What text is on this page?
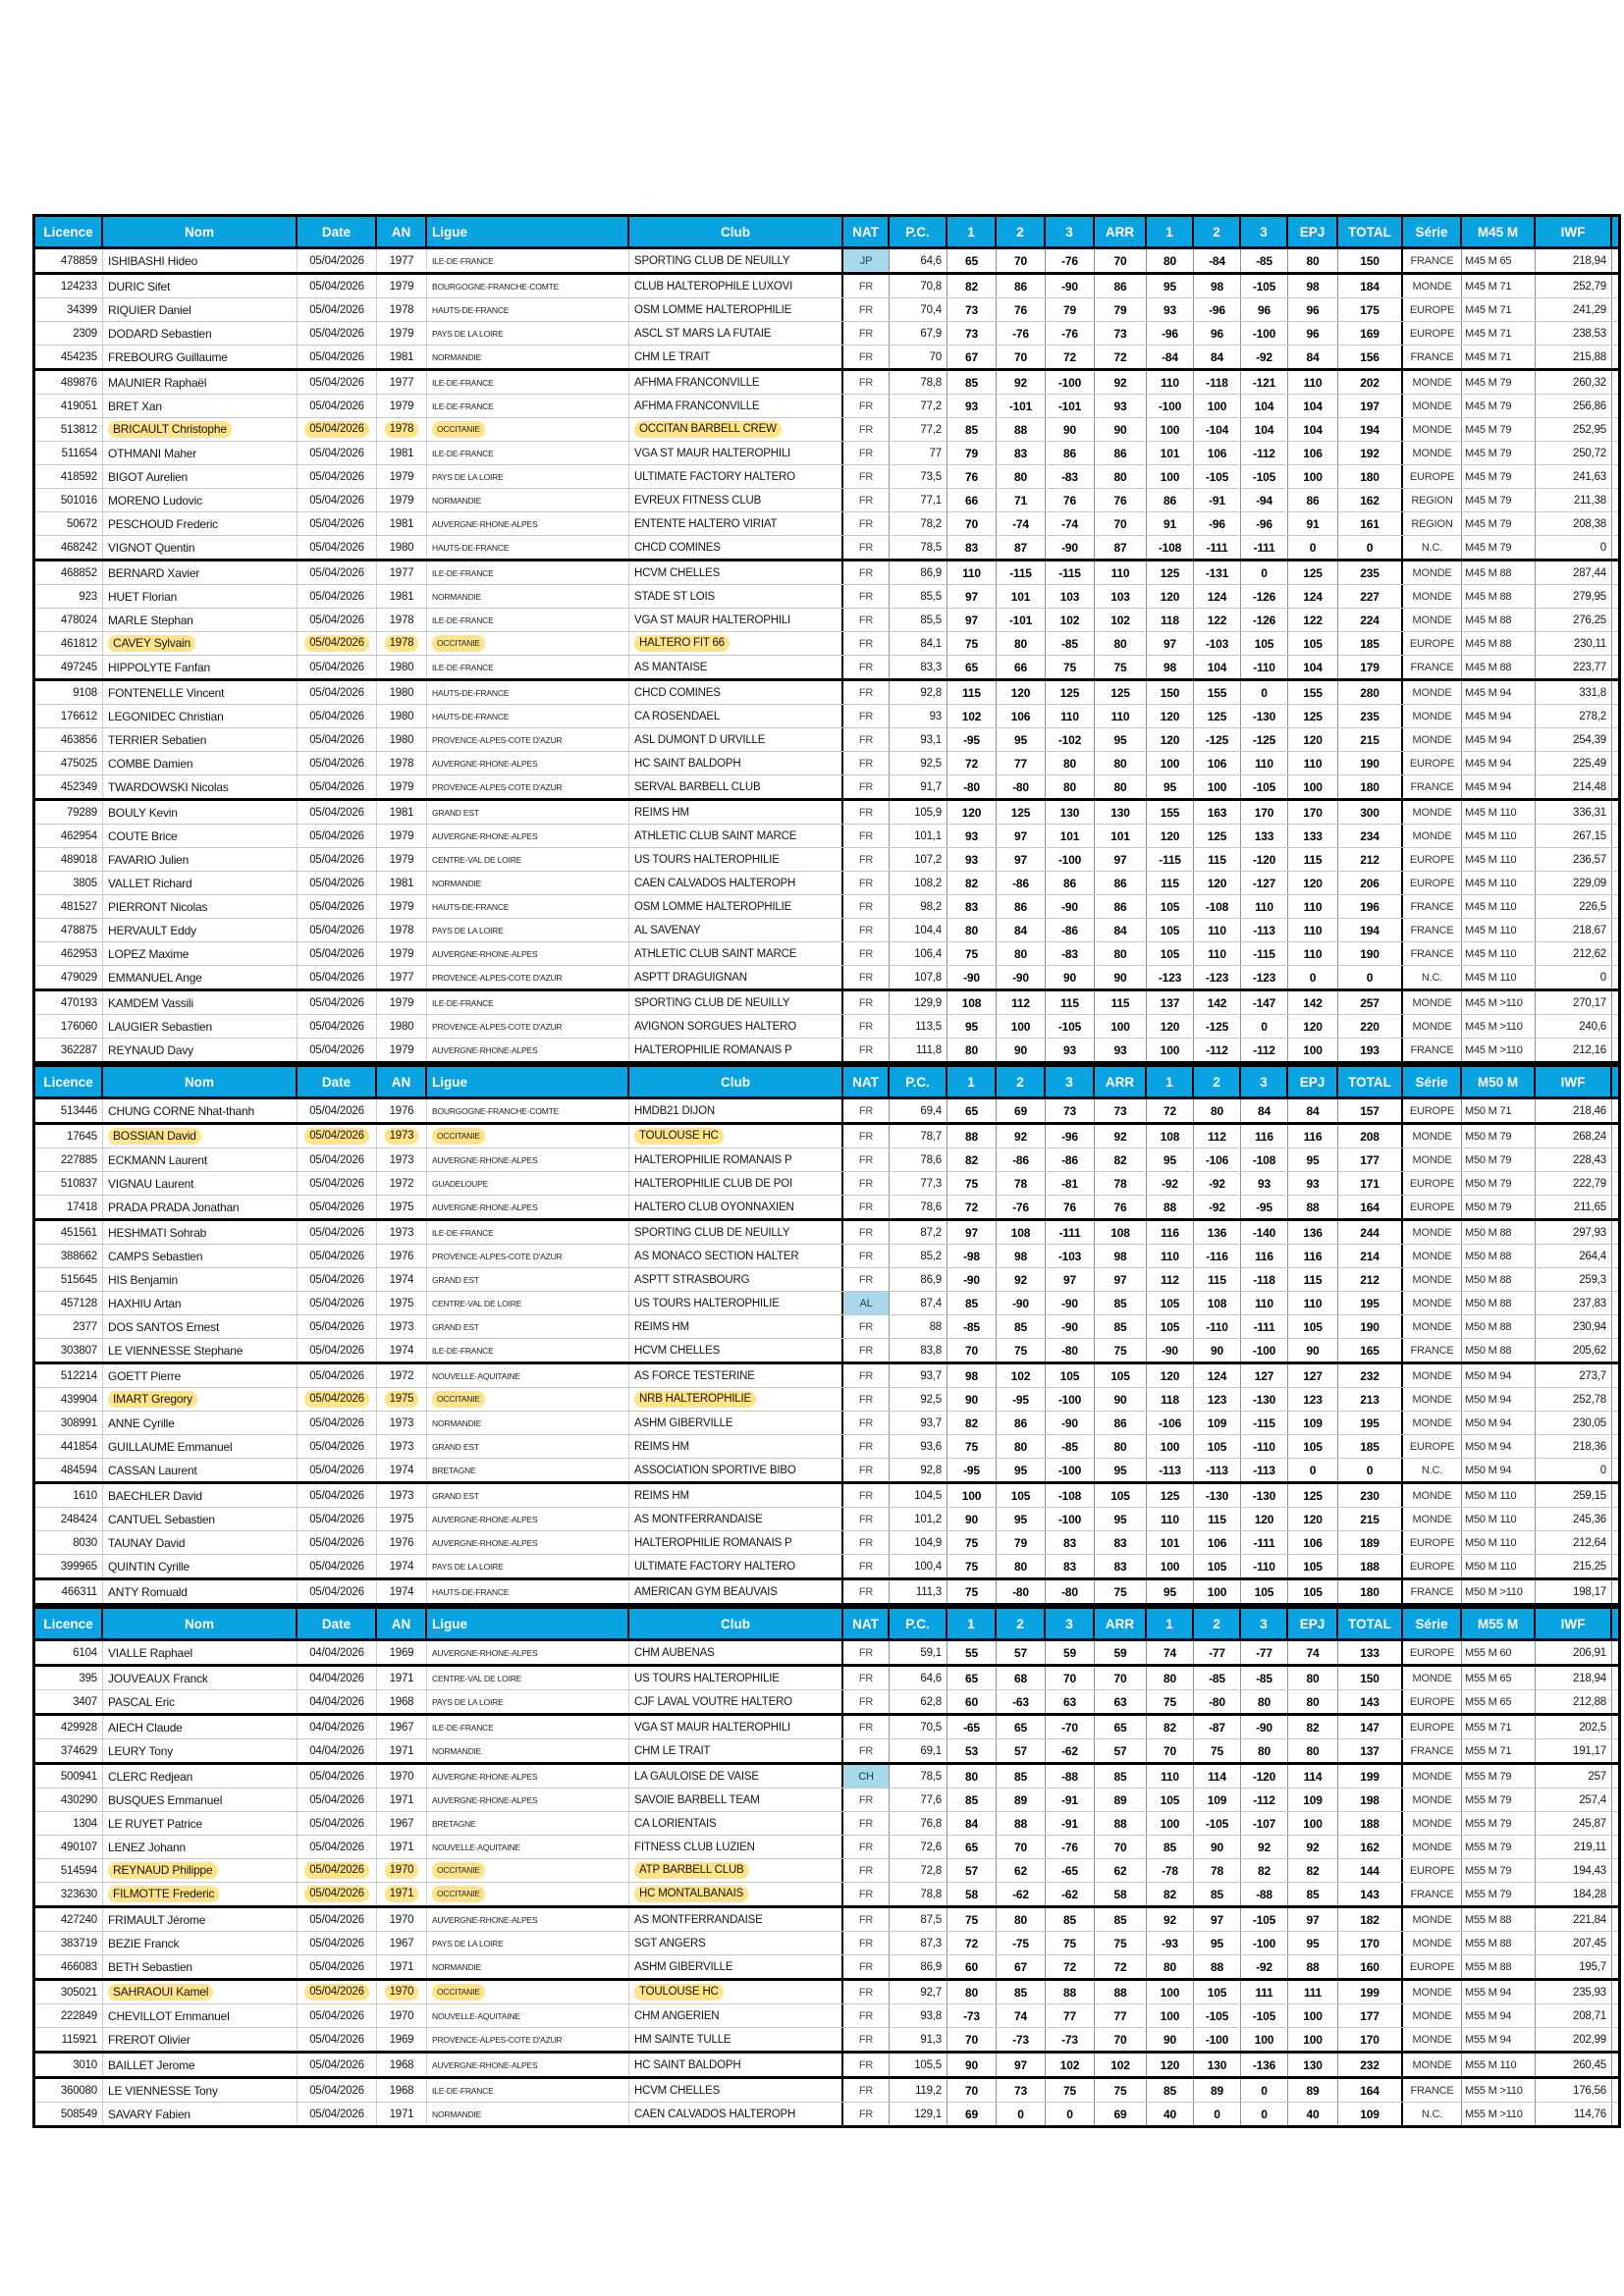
Licence	Nom	Date	AN	Ligue	Club	NAT	P.C.	1	2	3	ARR	1	2	3	EPJ	TOTAL	Série	M45 M	IWF
478859 ISHIBASHI Hideo	05/04/2026	1977	ILE-DE-FRANCE	SPORTING CLUB DE NEUILLY	JP	64,6	65	70	-76	70	80	-84	-85	80	150	FRANCE	M45 M 65	218,94
124233 DURIC Sifet	05/04/2026	1979	BOURGOGNE-FRANCHE-COMTE	CLUB HALTEROPHILE LUXOVI	FR	70,8	82	86	-90	86	95	98	-105	98	184	MONDE	M45 M 71	252,79
34399 RIQUIER Daniel	05/04/2026	1978	HAUTS-DE-FRANCE	OSM LOMME HALTEROPHILIE	FR	70,4	73	76	79	79	93	-96	96	96	175	EUROPE M45 M 71	241,29
2309 DODARD Sebastien	05/04/2026	1979	PAYS DE LA LOIRE	ASCL ST MARS LA FUTAIE	FR	67,9	73	-76	-76	73	-96	96	-100	96	169	EUROPE M45 M 71	238,53
454235 FREBOURG Guillaume	05/04/2026	1981	NORMANDIE	CHM LE TRAIT	FR	70	67	70	72	72	-84	84	-92	84	156	FRANCE	M45 M 71	215,88
489876 MAUNIER Raphaël	05/04/2026	1977	ILE-DE-FRANCE	AFHMA FRANCONVILLE	FR	78,8	85	92	-100	92	110	-118	-121	110	202	MONDE	M45 M 79	260,32
419051 BRET Xan	05/04/2026	1979	ILE-DE-FRANCE	AFHMA FRANCONVILLE	FR	77,2	93	-101	-101	93	-100	100	104	104	197	MONDE	M45 M 79	256,86
513812	BRICAULT Christophe	05/04/2026	1978	OCCITANIE	OCCITAN BARBELL CREW	FR	77,2	85	88	90	90	100	-104	104	104	194	MONDE	M45 M 79	252,95
511654 OTHMANI Maher	05/04/2026	1981	ILE-DE-FRANCE	VGA ST MAUR HALTEROPHILI	FR	77	79	83	86	86	101	106	-112	106	192	MONDE	M45 M 79	250,72
418592 BIGOT Aurelien	05/04/2026	1979	PAYS DE LA LOIRE	ULTIMATE FACTORY HALTERO	FR	73,5	76	80	-83	80	100	-105	-105	100	180	EUROPE M45 M 79	241,63
501016 MORENO Ludovic	05/04/2026	1979	NORMANDIE	EVREUX FITNESS CLUB	FR	77,1	66	71	76	76	86	-91	-94	86	162	REGION	M45 M 79	211,38
50672 PESCHOUD Frederic	05/04/2026	1981	AUVERGNE-RHONE-ALPES	ENTENTE HALTERO VIRIAT	FR	78,2	70	-74	-74	70	91	-96	-96	91	161	REGION	M45 M 79	208,38
468242 VIGNOT Quentin	05/04/2026	1980	HAUTS-DE-FRANCE	CHCD COMINES	FR	78,5	83	87	-90	87	-108	-111	-111	0	0	N.C.	M45 M 79	0
468852 BERNARD Xavier	05/04/2026	1977	ILE-DE-FRANCE	HCVM CHELLES	FR	86,9	110	-115	-115	110	125	-131	0	125	235	MONDE	M45 M 88	287,44
923 HUET Florian	05/04/2026	1981	NORMANDIE	STADE ST LOIS	FR	85,5	97	101	103	103	120	124	-126	124	227	MONDE	M45 M 88	279,95
478024 MARLE Stephan	05/04/2026	1978	ILE-DE-FRANCE	VGA ST MAUR HALTEROPHILI	FR	85,5	97	-101	102	102	118	122	-126	122	224	MONDE	M45 M 88	276,25
461812	CAVEY Sylvain	05/04/2026	1978	OCCITANIE	HALTERO FIT 66	FR	84,1	75	80	-85	80	97	-103	105	105	185	EUROPE M45 M 88	230,11
497245 HIPPOLYTE Fanfan	05/04/2026	1980	ILE-DE-FRANCE	AS MANTAISE	FR	83,3	65	66	75	75	98	104	-110	104	179	FRANCE	M45 M 88	223,77
9108 FONTENELLE Vincent	05/04/2026	1980	HAUTS-DE-FRANCE	CHCD COMINES	FR	92,8	115	120	125	125	150	155	0	155	280	MONDE	M45 M 94	331,8
176612 LEGONIDEC Christian	05/04/2026	1980	HAUTS-DE-FRANCE	CA ROSENDAEL	FR	93	102	106	110	110	120	125	-130	125	235	MONDE	M45 M 94	278,2
463856 TERRIER Sebatien	05/04/2026	1980	PROVENCE-ALPES-COTE D'AZUR	ASL DUMONT D URVILLE	FR	93,1	-95	95	-102	95	120	-125	-125	120	215	MONDE	M45 M 94	254,39
475025 COMBE Damien	05/04/2026	1978	AUVERGNE-RHONE-ALPES	HC SAINT BALDOPH	FR	92,5	72	77	80	80	100	106	110	110	190	EUROPE M45 M 94	225,49
452349 TWARDOWSKI Nicolas	05/04/2026	1979	PROVENCE-ALPES-COTE D'AZUR	SERVAL BARBELL CLUB	FR	91,7	-80	-80	80	80	95	100	-105	100	180	FRANCE	M45 M 94	214,48
79289 BOULY Kevin	05/04/2026	1981	GRAND EST	REIMS HM	FR	105,9	120	125	130	130	155	163	170	170	300	MONDE	M45 M 110	336,31
462954 COUTE Brice	05/04/2026	1979	AUVERGNE-RHONE-ALPES	ATHLETIC CLUB SAINT MARCE	FR	101,1	93	97	101	101	120	125	133	133	234	MONDE	M45 M 110	267,15
489018 FAVARIO Julien	05/04/2026	1979	CENTRE-VAL DE LOIRE	US TOURS HALTEROPHILIE	FR	107,2	93	97	-100	97	-115	115	-120	115	212	EUROPE M45 M 110	236,57
3805 VALLET Richard	05/04/2026	1981	NORMANDIE	CAEN CALVADOS HALTEROPH	FR	108,2	82	-86	86	86	115	120	-127	120	206	EUROPE M45 M 110	229,09
481527 PIERRONT Nicolas	05/04/2026	1979	HAUTS-DE-FRANCE	OSM LOMME HALTEROPHILIE	FR	98,2	83	86	-90	86	105	-108	110	110	196	FRANCE	M45 M 110	226,5
478875 HERVAULT Eddy	05/04/2026	1978	PAYS DE LA LOIRE	AL SAVENAY	FR	104,4	80	84	-86	84	105	110	-113	110	194	FRANCE	M45 M 110	218,67
462953 LOPEZ Maxime	05/04/2026	1979	AUVERGNE-RHONE-ALPES	ATHLETIC CLUB SAINT MARCE	FR	106,4	75	80	-83	80	105	110	-115	110	190	FRANCE	M45 M 110	212,62
479029 EMMANUEL Ange	05/04/2026	1977	PROVENCE-ALPES-COTE D'AZUR	ASPTT DRAGUIGNAN	FR	107,8	-90	-90	90	90	-123	-123	-123	0	0	N.C.	M45 M 110	0
470193 KAMDEM Vassili	05/04/2026	1979	ILE-DE-FRANCE	SPORTING CLUB DE NEUILLY	FR	129,9	108	112	115	115	137	142	-147	142	257	MONDE	M45 M >110	270,17
176060 LAUGIER Sebastien	05/04/2026	1980	PROVENCE-ALPES-COTE D'AZUR	AVIGNON SORGUES HALTERO	FR	113,5	95	100	-105	100	120	-125	0	120	220	MONDE	M45 M >110	240,6
362287 REYNAUD Davy	05/04/2026	1979	AUVERGNE-RHONE-ALPES	HALTEROPHILIE ROMANAIS P	FR	111,8	80	90	93	93	100	-112	-112	100	193	FRANCE	M45 M >110	212,16
Licence	Nom	Date	AN	Ligue	Club	NAT	P.C.	1	2	3	ARR	1	2	3	EPJ	TOTAL	Série	M50 M	IWF
513446 CHUNG CORNE Nhat-thanh	05/04/2026	1976	BOURGOGNE-FRANCHE-COMTE	HMDB21 DIJON	FR	69,4	65	69	73	73	72	80	84	84	157	EUROPE M50 M 71	218,46
17645	BOSSIAN David	05/04/2026	1973	OCCITANIE	TOULOUSE HC	FR	78,7	88	92	-96	92	108	112	116	116	208	MONDE	M50 M 79	268,24
227885 ECKMANN Laurent	05/04/2026	1973	AUVERGNE-RHONE-ALPES	HALTEROPHILIE ROMANAIS P	FR	78,6	82	-86	-86	82	95	-106	-108	95	177	MONDE	M50 M 79	228,43
510837 VIGNAU Laurent	05/04/2026	1972	GUADELOUPE	HALTEROPHILIE CLUB DE POI	FR	77,3	75	78	-81	78	-92	-92	93	93	171	EUROPE M50 M 79	222,79
17418 PRADA PRADA Jonathan	05/04/2026	1975	AUVERGNE-RHONE-ALPES	HALTERO CLUB OYONNAXIEN	FR	78,6	72	-76	76	76	88	-92	-95	88	164	EUROPE M50 M 79	211,65
451561 HESHMATI Sohrab	05/04/2026	1973	ILE-DE-FRANCE	SPORTING CLUB DE NEUILLY	FR	87,2	97	108	-111	108	116	136	-140	136	244	MONDE	M50 M 88	297,93
388662 CAMPS Sebastien	05/04/2026	1976	PROVENCE-ALPES-COTE D'AZUR	AS MONACO SECTION HALTER	FR	85,2	-98	98	-103	98	110	-116	116	116	214	MONDE	M50 M 88	264,4
515645 HIS Benjamin	05/04/2026	1974	GRAND EST	ASPTT STRASBOURG	FR	86,9	-90	92	97	97	112	115	-118	115	212	MONDE	M50 M 88	259,3
457128 HAXHIU Artan	05/04/2026	1975	CENTRE-VAL DE LOIRE	US TOURS HALTEROPHILIE	AL	87,4	85	-90	-90	85	105	108	110	110	195	MONDE	M50 M 88	237,83
2377 DOS SANTOS Ernest	05/04/2026	1973	GRAND EST	REIMS HM	FR	88	-85	85	-90	85	105	-110	-111	105	190	MONDE	M50 M 88	230,94
303807 LE VIENNESSE Stephane	05/04/2026	1974	ILE-DE-FRANCE	HCVM CHELLES	FR	83,8	70	75	-80	75	-90	90	-100	90	165	FRANCE	M50 M 88	205,62
512214 GOETT Pierre	05/04/2026	1972	NOUVELLE-AQUITAINE	AS FORCE TESTERINE	FR	93,7	98	102	105	105	120	124	127	127	232	MONDE	M50 M 94	273,7
439904	IMART Gregory	05/04/2026	1975	OCCITANIE	NRB HALTEROPHILIE	FR	92,5	90	-95	-100	90	118	123	-130	123	213	MONDE	M50 M 94	252,78
308991 ANNE Cyrille	05/04/2026	1973	NORMANDIE	ASHM GIBERVILLE	FR	93,7	82	86	-90	86	-106	109	-115	109	195	MONDE	M50 M 94	230,05
441854 GUILLAUME Emmanuel	05/04/2026	1973	GRAND EST	REIMS HM	FR	93,6	75	80	-85	80	100	105	-110	105	185	EUROPE M50 M 94	218,36
484594 CASSAN Laurent	05/04/2026	1974	BRETAGNE	ASSOCIATION SPORTIVE BIBO	FR	92,8	-95	95	-100	95	-113	-113	-113	0	0	N.C.	M50 M 94	0
1610 BAECHLER David	05/04/2026	1973	GRAND EST	REIMS HM	FR	104,5	100	105	-108	105	125	-130	-130	125	230	MONDE	M50 M 110	259,15
248424 CANTUEL Sebastien	05/04/2026	1975	AUVERGNE-RHONE-ALPES	AS MONTFERRANDAISE	FR	101,2	90	95	-100	95	110	115	120	120	215	MONDE	M50 M 110	245,36
8030 TAUNAY David	05/04/2026	1976	AUVERGNE-RHONE-ALPES	HALTEROPHILIE ROMANAIS P	FR	104,9	75	79	83	83	101	106	-111	106	189	EUROPE M50 M 110	212,64
399965 QUINTIN Cyrille	05/04/2026	1974	PAYS DE LA LOIRE	ULTIMATE FACTORY HALTERO	FR	100,4	75	80	83	83	100	105	-110	105	188	EUROPE M50 M 110	215,25
466311 ANTY Romuald	05/04/2026	1974	HAUTS-DE-FRANCE	AMERICAN GYM BEAUVAIS	FR	111,3	75	-80	-80	75	95	100	105	105	180	FRANCE	M50 M >110	198,17
Licence	Nom	Date	AN	Ligue	Club	NAT	P.C.	1	2	3	ARR	1	2	3	EPJ	TOTAL	Série	M55 M	IWF
6104 VIALLE Raphael	04/04/2026	1969	AUVERGNE-RHONE-ALPES	CHM AUBENAS	FR	59,1	55	57	59	59	74	-77	-77	74	133	EUROPE M55 M 60	206,91
395 JOUVEAUX Franck	04/04/2026	1971	CENTRE-VAL DE LOIRE	US TOURS HALTEROPHILIE	FR	64,6	65	68	70	70	80	-85	-85	80	150	MONDE	M55 M 65	218,94
3407 PASCAL Eric	04/04/2026	1968	PAYS DE LA LOIRE	CJF LAVAL VOUTRE HALTERO	FR	62,8	60	-63	63	63	75	-80	80	80	143	EUROPE M55 M 65	212,88
429928 AIECH Claude	04/04/2026	1967	ILE-DE-FRANCE	VGA ST MAUR HALTEROPHILI	FR	70,5	-65	65	-70	65	82	-87	-90	82	147	EUROPE M55 M 71	202,5
374629 LEURY Tony	04/04/2026	1971	NORMANDIE	CHM LE TRAIT	FR	69,1	53	57	-62	57	70	75	80	80	137	FRANCE	M55 M 71	191,17
500941 CLERC Redjean	05/04/2026	1970	AUVERGNE-RHONE-ALPES	LA GAULOISE DE VAISE	CH	78,5	80	85	-88	85	110	114	-120	114	199	MONDE	M55 M 79	257
430290 BUSQUES Emmanuel	05/04/2026	1971	AUVERGNE-RHONE-ALPES	SAVOIE BARBELL TEAM	FR	77,6	85	89	-91	89	105	109	-112	109	198	MONDE	M55 M 79	257,4
1304 LE RUYET Patrice	05/04/2026	1967	BRETAGNE	CA LORIENTAIS	FR	76,8	84	88	-91	88	100	-105	-107	100	188	MONDE	M55 M 79	245,87
490107 LENEZ Johann	05/04/2026	1971	NOUVELLE-AQUITAINE	FITNESS CLUB LUZIEN	FR	72,6	65	70	-76	70	85	90	92	92	162	MONDE	M55 M 79	219,11
514594	REYNAUD Philippe	05/04/2026	1970	OCCITANIE	ATP BARBELL CLUB	FR	72,8	57	62	-65	62	-78	78	82	82	144	EUROPE M55 M 79	194,43
323630	FILMOTTE Frederic	05/04/2026	1971	OCCITANIE	HC MONTALBANAIS	FR	78,8	58	-62	-62	58	82	85	-88	85	143	FRANCE	M55 M 79	184,28
427240 FRIMAULT Jérome	05/04/2026	1970	AUVERGNE-RHONE-ALPES	AS MONTFERRANDAISE	FR	87,5	75	80	85	85	92	97	-105	97	182	MONDE	M55 M 88	221,84
383719 BEZIE Franck	05/04/2026	1967	PAYS DE LA LOIRE	SGT ANGERS	FR	87,3	72	-75	75	75	-93	95	-100	95	170	MONDE	M55 M 88	207,45
466083 BETH Sebastien	05/04/2026	1971	NORMANDIE	ASHM GIBERVILLE	FR	86,9	60	67	72	72	80	88	-92	88	160	EUROPE M55 M 88	195,7
305021	SAHRAOUI Kamel	05/04/2026	1970	OCCITANIE	TOULOUSE HC	FR	92,7	80	85	88	88	100	105	111	111	199	MONDE	M55 M 94	235,93
222849 CHEVILLOT Emmanuel	05/04/2026	1970	NOUVELLE-AQUITAINE	CHM ANGERIEN	FR	93,8	-73	74	77	77	100	-105	-105	100	177	MONDE	M55 M 94	208,71
115921 FREROT Olivier	05/04/2026	1969	PROVENCE-ALPES-COTE D'AZUR	HM SAINTE TULLE	FR	91,3	70	-73	-73	70	90	-100	100	100	170	MONDE	M55 M 94	202,99
3010 BAILLET Jerome	05/04/2026	1968	AUVERGNE-RHONE-ALPES	HC SAINT BALDOPH	FR	105,5	90	97	102	102	120	130	-136	130	232	MONDE	M55 M 110	260,45
360080 LE VIENNESSE Tony	05/04/2026	1968	ILE-DE-FRANCE	HCVM CHELLES	FR	119,2	70	73	75	75	85	89	0	89	164	FRANCE	M55 M >110	176,56
508549 SAVARY Fabien	05/04/2026	1971	NORMANDIE	CAEN CALVADOS HALTEROPH	FR	129,1	69	0	0	69	40	0	0	40	109	N.C.	M55 M >110	114,76
